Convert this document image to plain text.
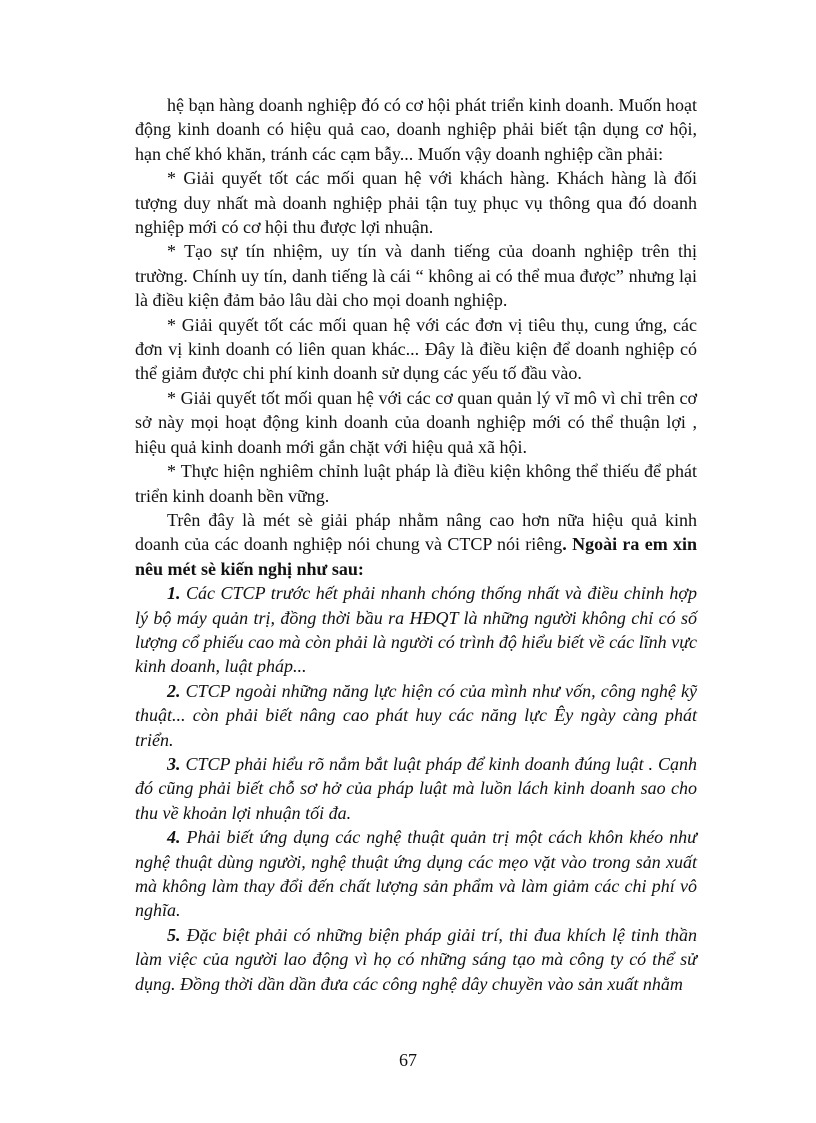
hệ bạn hàng doanh nghiệp đó có cơ hội phát triển kinh doanh. Muốn hoạt động kinh doanh có hiệu quả cao, doanh nghiệp phải biết tận dụng cơ hội, hạn chế khó khăn, tránh các cạm bẫy... Muốn vậy doanh nghiệp cần phải:

* Giải quyết tốt các mối quan hệ với khách hàng. Khách hàng là đối tượng duy nhất mà doanh nghiệp phải tận tuỵ phục vụ thông qua đó doanh nghiệp mới có cơ hội thu được lợi nhuận.

* Tạo sự tín nhiệm, uy tín và danh tiếng của doanh nghiệp trên thị trường. Chính uy tín, danh tiếng là cái “ không ai có thể mua được” nhưng lại là điều kiện đảm bảo lâu dài cho mọi doanh nghiệp.

* Giải quyết tốt các mối quan hệ với các đơn vị tiêu thụ, cung ứng, các đơn vị kinh doanh có liên quan khác... Đây là điều kiện để doanh nghiệp có thể giảm được chi phí kinh doanh sử dụng các yếu tố đầu vào.

* Giải quyết tốt mối quan hệ với các cơ quan quản lý vĩ mô vì chỉ trên cơ sở này mọi hoạt động kinh doanh của doanh nghiệp mới có thể thuận lợi , hiệu quả kinh doanh mới gắn chặt với hiệu quả xã hội.

* Thực hiện nghiêm chỉnh luật pháp là điều kiện không thể thiếu để phát triển kinh doanh bền vững.

Trên đây là mét sè giải pháp nhằm nâng cao hơn nữa hiệu quả kinh doanh của các doanh nghiệp nói chung và CTCP nói riêng. Ngoài ra em xin nêu mét sè kiến nghị như sau:

1. Các CTCP trước hết phải nhanh chóng thống nhất và điều chỉnh hợp lý bộ máy quản trị, đồng thời bầu ra HĐQT là những người không chỉ có số lượng cổ phiếu cao mà còn phải là người có trình độ hiểu biết về các lĩnh vực kinh doanh, luật pháp...

2. CTCP ngoài những năng lực hiện có của mình như vốn, công nghệ kỹ thuật... còn phải biết nâng cao phát huy các năng lực Êy ngày càng phát triển.

3. CTCP phải hiểu rõ nắm bắt luật pháp để kinh doanh đúng luật . Cạnh đó cũng phải biết chỗ sơ hở của pháp luật mà luồn lách kinh doanh sao cho thu về khoản lợi nhuận tối đa.

4. Phải biết ứng dụng các nghệ thuật quản trị một cách khôn khéo như nghệ thuật dùng người, nghệ thuật ứng dụng các mẹo vặt vào trong sản xuất mà không làm thay đổi đến chất lượng sản phẩm và làm giảm các chi phí vô nghĩa.

5. Đặc biệt phải có những biện pháp giải trí, thi đua khích lệ tinh thần làm việc của người lao động vì họ có những sáng tạo mà công ty có thể sử dụng. Đồng thời dần dần đưa các công nghệ dây chuyền vào sản xuất nhằm

67
